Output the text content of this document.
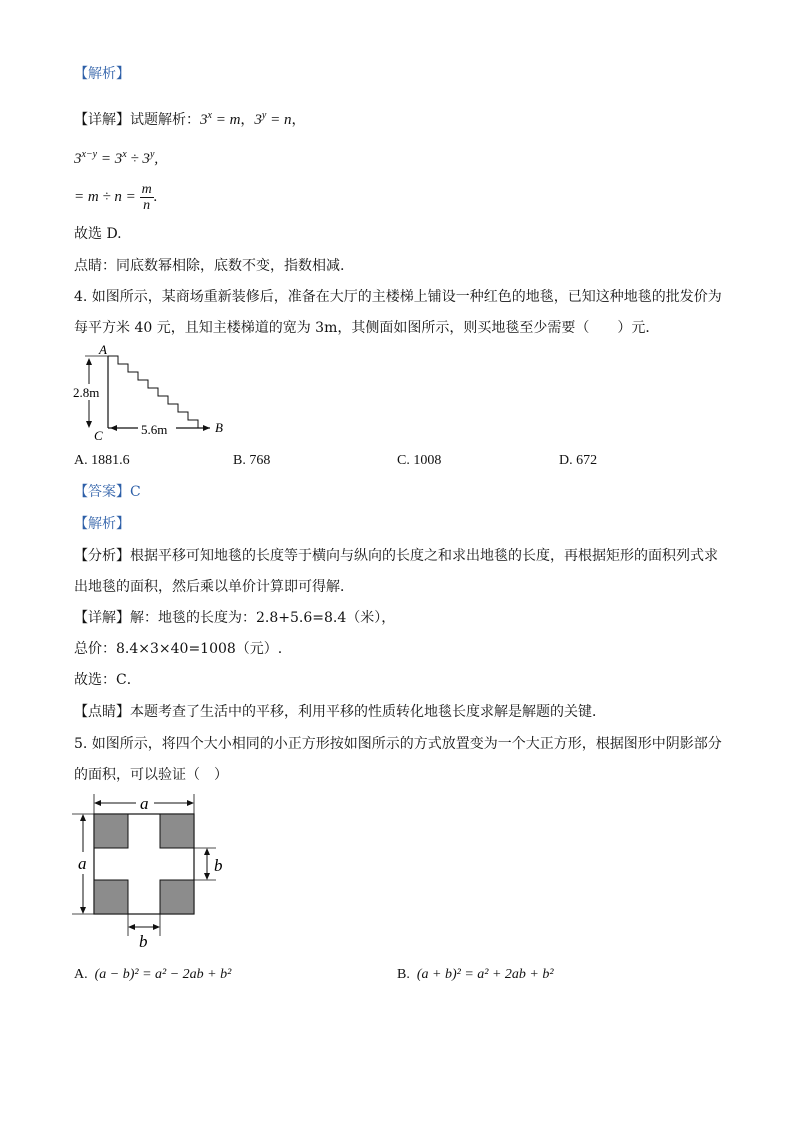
【解析】
【详解】试题解析：$3^x = m$，$3^y = n$，
$3^{x-y} = 3^x \div 3^y$,
= $m \div n = \frac{m}{n}$ .
故选 D.
点睛：同底数幂相除，底数不变，指数相减.
4. 如图所示，某商场重新装修后，准备在大厅的主楼梯上铺设一种红色的地毯，已知这种地毯的批发价为
每平方米 40 元，且知主楼梯道的宽为 3m，其侧面如图所示，则买地毯至少需要（　　）元．
A
B
C
2.8m
5.6m
A. 1881.6	B. 768	C. 1008	D. 672
【答案】C
【解析】
【分析】根据平移可知地毯的长度等于横向与纵向的长度之和求出地毯的长度，再根据矩形的面积列式求
出地毯的面积，然后乘以单价计算即可得解．
【详解】解：地毯的长度为：2.8+5.6=8.4（米），
总价：8.4×3×40=1008（元）.
故选：C．
【点睛】本题考查了生活中的平移，利用平移的性质转化地毯长度求解是解题的关键．
5. 如图所示，将四个大小相同的小正方形按如图所示的方式放置变为一个大正方形，根据图形中阴影部分
的面积，可以验证（　）
a
a	b
b
A. (a − b)² = a² − 2ab + b²	B. (a + b)² = a² + 2ab + b²
